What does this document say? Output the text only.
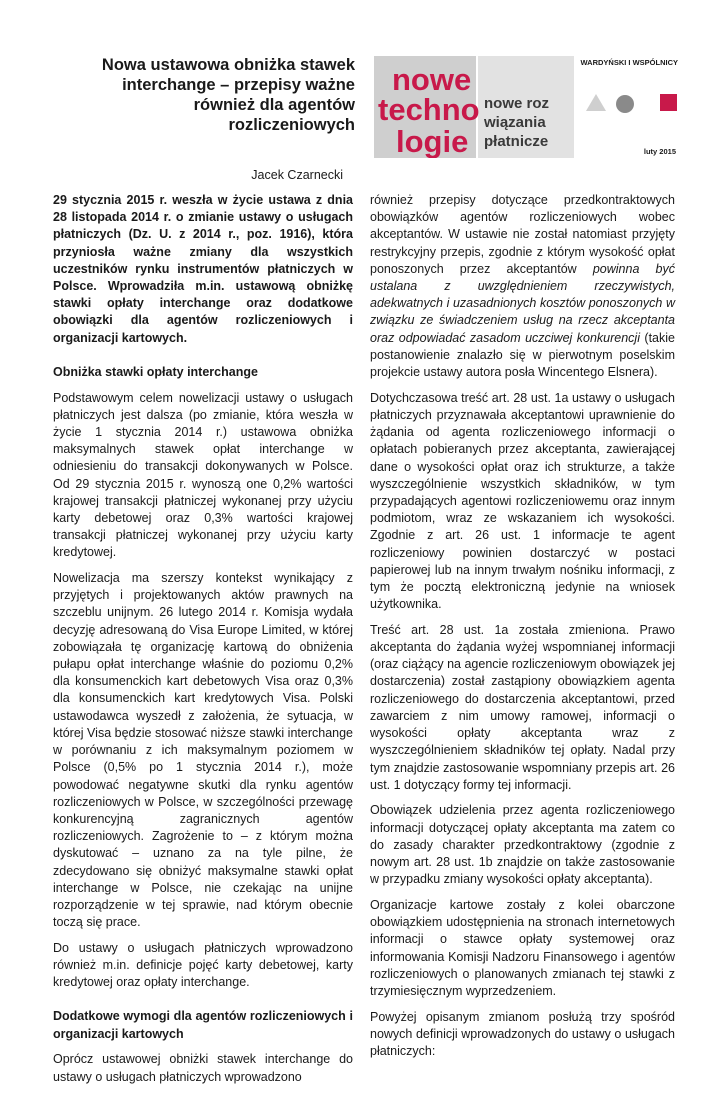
Nowa ustawowa obniżka stawek interchange – przepisy ważne również dla agentów rozliczeniowych
nowe
techno
logie
nowe roz
wiązania
płatnicze
WARDYŃSKI I WSPÓLNICY
luty 2015
Jacek Czarnecki

29 stycznia 2015 r. weszła w życie ustawa z dnia 28 listopada 2014 r. o zmianie ustawy o usługach płatniczych (Dz. U. z 2014 r., poz. 1916), która przyniosła ważne zmiany dla wszystkich uczestników rynku instrumentów płatniczych w Polsce. Wprowadziła m.in. ustawową obniżkę stawki opłaty interchange oraz dodatkowe obowiązki dla agentów rozliczeniowych i organizacji kartowych.

Obniżka stawki opłaty interchange

Podstawowym celem nowelizacji ustawy o usługach płatniczych jest dalsza (po zmianie, która weszła w życie 1 stycznia 2014 r.) ustawowa obniżka maksymalnych stawek opłat interchange w odniesieniu do transakcji dokonywanych w Polsce. Od 29 stycznia 2015 r. wynoszą one 0,2% wartości krajowej transakcji płatniczej wykonanej przy użyciu karty debetowej oraz 0,3% wartości krajowej transakcji płatniczej wykonanej przy użyciu karty kredytowej.

Nowelizacja ma szerszy kontekst wynikający z przyjętych i projektowanych aktów prawnych na szczeblu unijnym. 26 lutego 2014 r. Komisja wydała decyzję adresowaną do Visa Europe Limited, w której zobowiązała tę organizację kartową do obniżenia pułapu opłat interchange właśnie do poziomu 0,2% dla konsumenckich kart debetowych Visa oraz 0,3% dla konsumenckich kart kredytowych Visa. Polski ustawodawca wyszedł z założenia, że sytuacja, w której Visa będzie stosować niższe stawki interchange w porównaniu z ich maksymalnym poziomem w Polsce (0,5% po 1 stycznia 2014 r.), może powodować negatywne skutki dla rynku agentów rozliczeniowych w Polsce, w szczególności przewagę konkurencyjną zagranicznych agentów rozliczeniowych. Zagrożenie to – z którym można dyskutować – uznano za na tyle pilne, że zdecydowano się obniżyć maksymalne stawki opłat interchange w Polsce, nie czekając na unijne rozporządzenie w tej sprawie, nad którym obecnie toczą się prace.

Do ustawy o usługach płatniczych wprowadzono również m.in. definicje pojęć karty debetowej, karty kredytowej oraz opłaty interchange.

Dodatkowe wymogi dla agentów rozliczeniowych i organizacji kartowych

Oprócz ustawowej obniżki stawek interchange do ustawy o usługach płatniczych wprowadzono

również przepisy dotyczące przedkontraktowych obowiązków agentów rozliczeniowych wobec akceptantów. W ustawie nie został natomiast przyjęty restrykcyjny przepis, zgodnie z którym wysokość opłat ponoszonych przez akceptantów powinna być ustalana z uwzględnieniem rzeczywistych, adekwatnych i uzasadnionych kosztów ponoszonych w związku ze świadczeniem usług na rzecz akceptanta oraz odpowiadać zasadom uczciwej konkurencji (takie postanowienie znalazło się w pierwotnym poselskim projekcie ustawy autora posła Wincentego Elsnera).

Dotychczasowa treść art. 28 ust. 1a ustawy o usługach płatniczych przyznawała akceptantowi uprawnienie do żądania od agenta rozliczeniowego informacji o opłatach pobieranych przez akceptanta, zawierającej dane o wysokości opłat oraz ich strukturze, a także wyszczególnienie wszystkich składników, w tym przypadających agentowi rozliczeniowemu oraz innym podmiotom, wraz ze wskazaniem ich wysokości. Zgodnie z art. 26 ust. 1 informacje te agent rozliczeniowy powinien dostarczyć w postaci papierowej lub na innym trwałym nośniku informacji, z tym że pocztą elektroniczną jedynie na wniosek użytkownika.

Treść art. 28 ust. 1a została zmieniona. Prawo akceptanta do żądania wyżej wspomnianej informacji (oraz ciążący na agencie rozliczeniowym obowiązek jej dostarczenia) został zastąpiony obowiązkiem agenta rozliczeniowego do dostarczenia akceptantowi, przed zawarciem z nim umowy ramowej, informacji o wysokości opłaty akceptanta wraz z wyszczególnieniem składników tej opłaty. Nadal przy tym znajdzie zastosowanie wspomniany przepis art. 26 ust. 1 dotyczący formy tej informacji.

Obowiązek udzielenia przez agenta rozliczeniowego informacji dotyczącej opłaty akceptanta ma zatem co do zasady charakter przedkontraktowy (zgodnie z nowym art. 28 ust. 1b znajdzie on także zastosowanie w przypadku zmiany wysokości opłaty akceptanta).

Organizacje kartowe zostały z kolei obarczone obowiązkiem udostępnienia na stronach internetowych informacji o stawce opłaty systemowej oraz informowania Komisji Nadzoru Finansowego i agentów rozliczeniowych o planowanych zmianach tej stawki z trzymiesięcznym wyprzedzeniem.

Powyżej opisanym zmianom posłużą trzy spośród nowych definicji wprowadzonych do ustawy o usługach płatniczych:
